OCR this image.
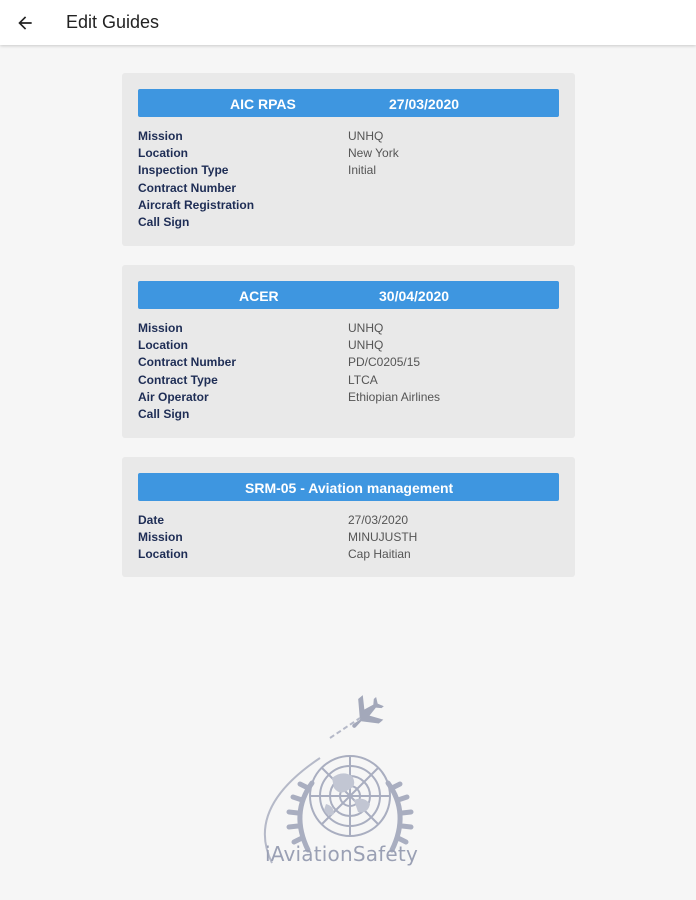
Edit Guides
AIC RPAS	27/03/2020
Mission	UNHQ
Location	New York
Inspection Type	Initial
Contract Number
Aircraft Registration
Call Sign
ACER	30/04/2020
Mission	UNHQ
Location	UNHQ
Contract Number	PD/C0205/15
Contract Type	LTCA
Air Operator	Ethiopian Airlines
Call Sign
SRM-05 - Aviation management
Date	27/03/2020
Mission	MINUJUSTH
Location	Cap Haitian
iAviationSafety
